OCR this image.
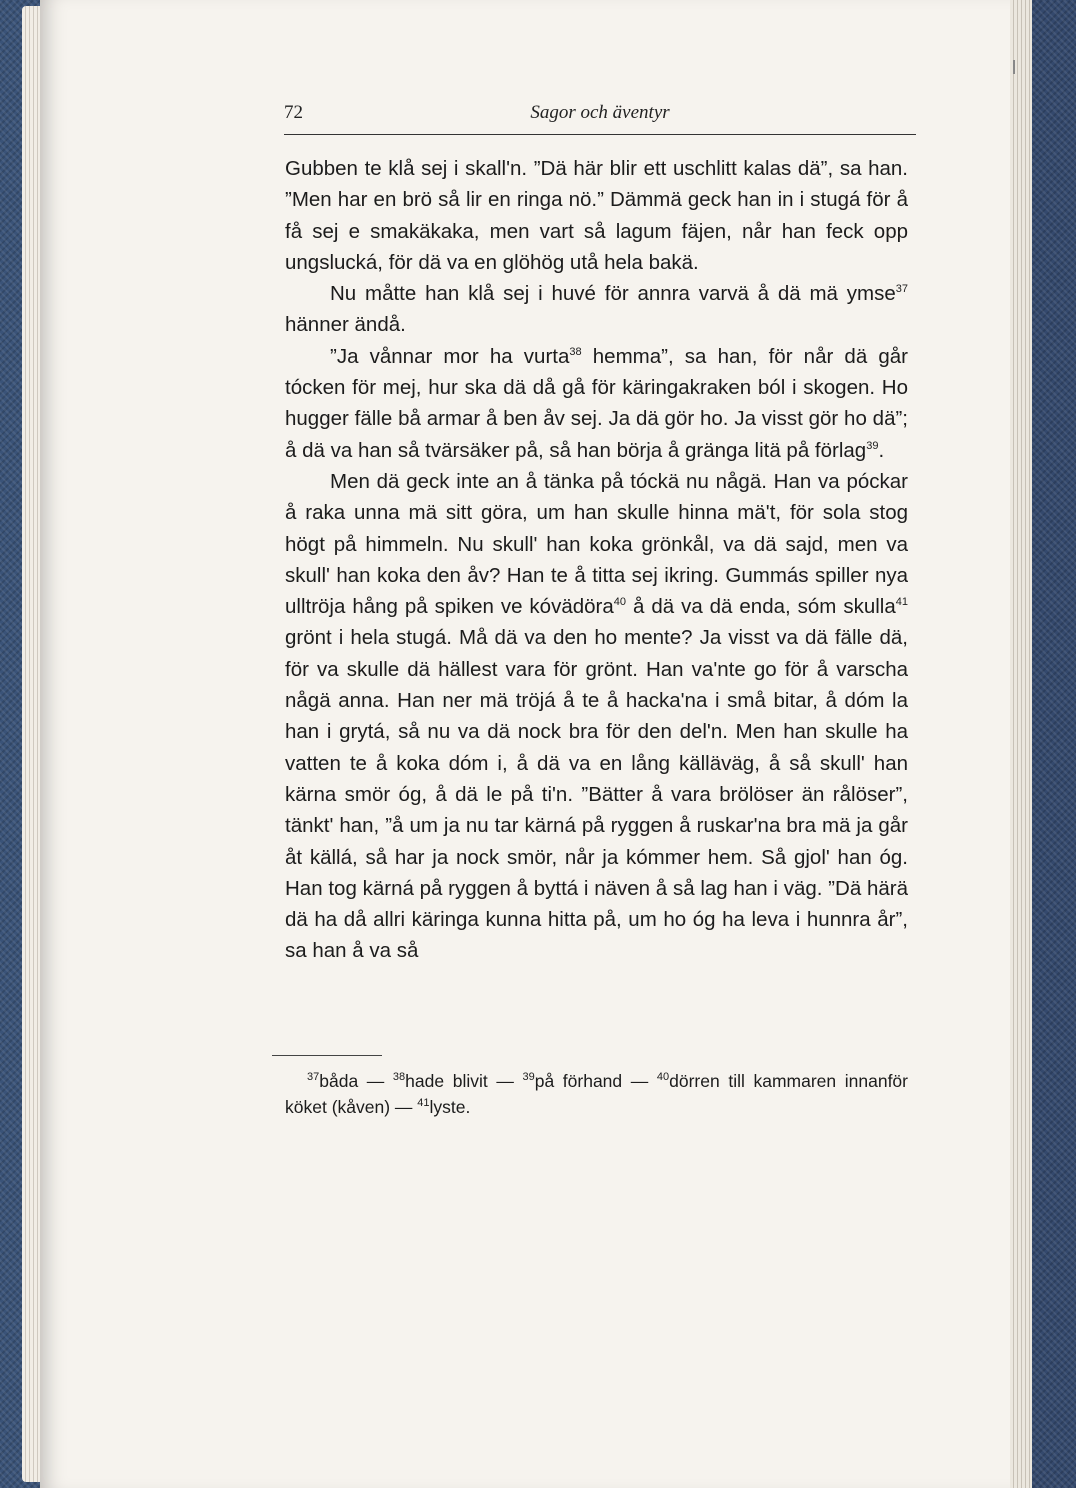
72	Sagor och äventyr

Gubben te klå sej i skall'n. ”Dä här blir ett uschlitt kalas dä”, sa han. ”Men har en brö så lir en ringa nö.” Dämmä geck han in i stugá för å få sej e smakäkaka, men vart så lagum fäjen, når han feck opp ungslucká, för dä va en glöhög utå hela bakä.

Nu måtte han klå sej i huvé för annra varvä å dä mä ymse$^{37}$ hänner ändå.

”Ja vånnar mor ha vurta$^{38}$ hemma”, sa han, för når dä går tócken för mej, hur ska dä då gå för käringakraken ból i skogen. Ho hugger fälle bå armar å ben åv sej. Ja dä gör ho. Ja visst gör ho dä”; å dä va han så tvärsäker på, så han börja å gränga litä på förlag$^{39}$.

Men dä geck inte an å tänka på tóckä nu någä. Han va póckar å raka unna mä sitt göra, um han skulle hinna mä't, för sola stog högt på himmeln. Nu skull' han koka grönkål, va dä sajd, men va skull' han koka den åv? Han te å titta sej ikring. Gummás spiller nya ulltröja hång på spiken ve kóvädöra$^{40}$ å dä va dä enda, sóm skulla$^{41}$ grönt i hela stugá. Må dä va den ho mente? Ja visst va dä fälle dä, för va skulle dä hällest vara för grönt. Han va'nte go för å varscha någä anna. Han ner mä tröjá å te å hacka'na i små bitar, å dóm la han i grytá, så nu va dä nock bra för den del'n. Men han skulle ha vatten te å koka dóm i, å dä va en lång källäväg, å så skull' han kärna smör óg, å dä le på ti'n. ”Bätter å vara brölöser än rålöser”, tänkt' han, ”å um ja nu tar kärná på ryggen å ruskar'na bra mä ja går åt källá, så har ja nock smör, når ja kómmer hem. Så gjol' han óg. Han tog kärná på ryggen å byttá i näven å så lag han i väg. ”Dä härä dä ha då allri käringa kunna hitta på, um ho óg ha leva i hunnra år”, sa han å va så

$^{37}$båda — $^{38}$hade blivit — $^{39}$på förhand — $^{40}$dörren till kammaren innanför köket (kåven) — $^{41}$lyste.
